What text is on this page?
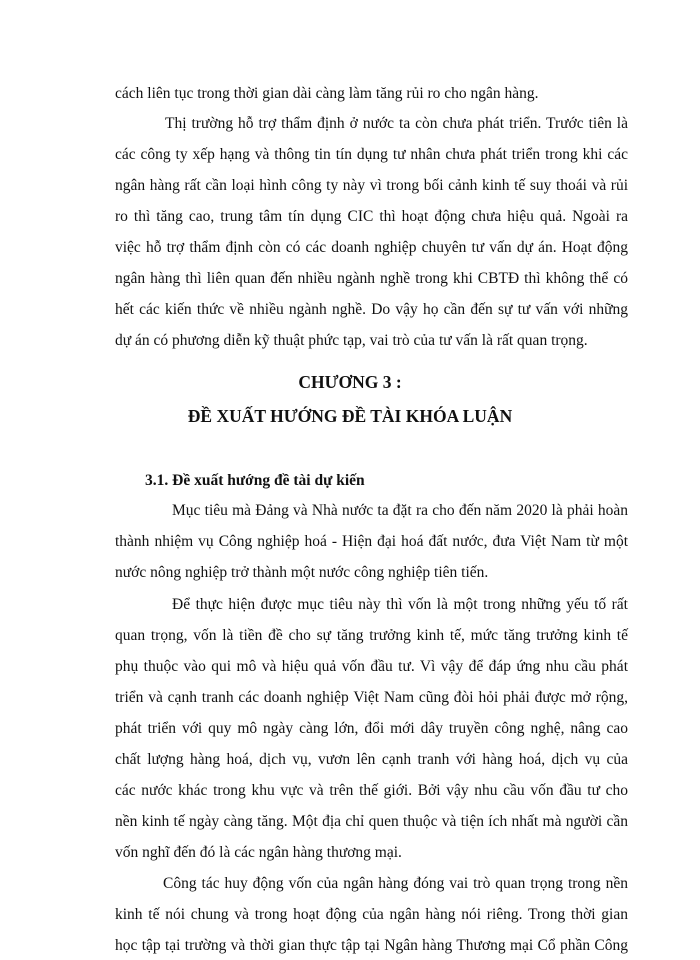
cách liên tục trong thời gian dài càng làm tăng rủi ro cho ngân hàng.

Thị trường hỗ trợ thẩm định ở nước ta còn chưa phát triển. Trước tiên là

các công ty xếp hạng và thông tin tín dụng tư nhân chưa phát triển trong khi các

ngân hàng rất cần loại hình công ty này vì trong bối cảnh kinh tế suy thoái và rủi

ro thì tăng cao, trung tâm tín dụng CIC thì hoạt động chưa hiệu quả. Ngoài ra

việc hỗ trợ thẩm định còn có các doanh nghiệp chuyên tư vấn dự án. Hoạt động

ngân hàng thì liên quan đến nhiều ngành nghề trong khi CBTĐ thì không thể có

hết các kiến thức về nhiều ngành nghề. Do vậy họ cần đến sự tư vấn với những

dự án có phương diễn kỹ thuật phức tạp, vai trò của tư vấn là rất quan trọng.

CHƯƠNG 3 :
ĐỀ XUẤT HƯỚNG ĐỀ TÀI KHÓA LUẬN
3.1. Đề xuất hướng đề tài dự kiến

Mục tiêu mà Đảng và Nhà nước ta đặt ra cho đến năm 2020 là phải hoàn

thành nhiệm vụ Công nghiệp hoá - Hiện đại hoá đất nước, đưa Việt Nam từ một

nước nông nghiệp trở thành một nước công nghiệp tiên tiến.

Để thực hiện được mục tiêu này thì vốn là một trong những yếu tố rất

quan trọng, vốn là tiền đề cho sự tăng trưởng kinh tế, mức tăng trưởng kinh tế

phụ thuộc vào qui mô và hiệu quả vốn đầu tư. Vì vậy để đáp ứng nhu cầu phát

triển và cạnh tranh các doanh nghiệp Việt Nam cũng đòi hỏi phải được mở rộng,

phát triển với quy mô ngày càng lớn, đổi mới dây truyền công nghệ, nâng cao

chất lượng hàng hoá, dịch vụ, vươn lên cạnh tranh với hàng hoá, dịch vụ của

các nước khác trong khu vực và trên thế giới. Bởi vậy nhu cầu vốn đầu tư cho

nền kinh tế ngày càng tăng. Một địa chỉ quen thuộc và tiện ích nhất mà người cần

vốn nghĩ đến đó là các ngân hàng thương mại.

Công tác huy động vốn của ngân hàng đóng vai trò quan trọng trong nền

kinh tế nói chung và trong hoạt động của ngân hàng nói riêng. Trong thời gian

học tập tại trường và thời gian thực tập tại Ngân hàng Thương mại Cổ phần Công
